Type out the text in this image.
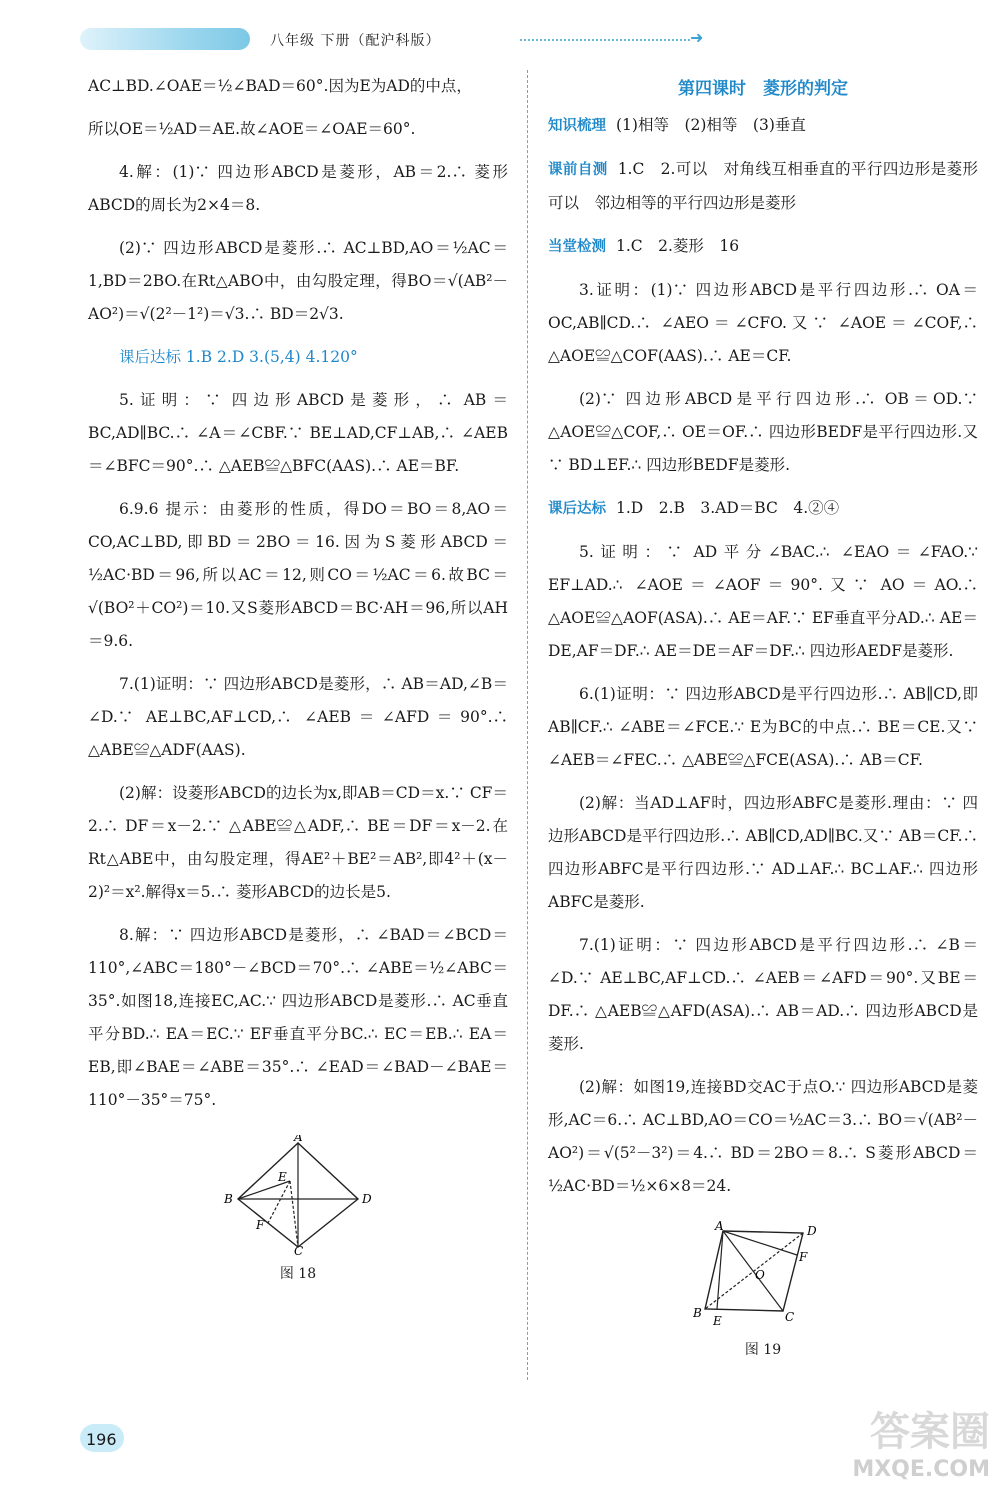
八年级 下册（配沪科版）	➜

AC⊥BD.∠OAE＝½∠BAD＝60°.因为E为AD的中点，

所以OE＝½AD＝AE.故∠AOE＝∠OAE＝60°.

4.解：(1)∵ 四边形ABCD是菱形，AB＝2.∴ 菱形ABCD的周长为2×4＝8.

(2)∵ 四边形ABCD是菱形.∴ AC⊥BD,AO＝½AC＝1,BD＝2BO.在Rt△ABO中，由勾股定理，得BO＝√(AB²－AO²)＝√(2²－1²)＝√3.∴ BD＝2√3.

课后达标 1.B 2.D 3.(5,4) 4.120°

5.证明：∵ 四边形ABCD是菱形，∴ AB＝BC,AD∥BC.∴ ∠A＝∠CBF.∵ BE⊥AD,CF⊥AB,∴ ∠AEB＝∠BFC＝90°.∴ △AEB≌△BFC(AAS).∴ AE＝BF.

6.9.6 提示：由菱形的性质，得DO＝BO＝8,AO＝CO,AC⊥BD,即BD＝2BO＝16.因为S菱形ABCD＝½AC·BD＝96,所以AC＝12,则CO＝½AC＝6.故BC＝√(BO²＋CO²)＝10.又S菱形ABCD＝BC·AH＝96,所以AH＝9.6.

7.(1)证明：∵ 四边形ABCD是菱形，∴ AB＝AD,∠B＝∠D.∵ AE⊥BC,AF⊥CD,∴ ∠AEB＝∠AFD＝90°.∴ △ABE≌△ADF(AAS).

(2)解：设菱形ABCD的边长为x,即AB＝CD＝x.∵ CF＝2.∴ DF＝x－2.∵ △ABE≌△ADF,∴ BE＝DF＝x－2.在Rt△ABE中，由勾股定理，得AE²＋BE²＝AB²,即4²＋(x－2)²＝x².解得x＝5.∴ 菱形ABCD的边长是5.

8.解：∵ 四边形ABCD是菱形，∴ ∠BAD＝∠BCD＝110°,∠ABC＝180°－∠BCD＝70°.∴ ∠ABE＝½∠ABC＝35°.如图18,连接EC,AC.∵ 四边形ABCD是菱形.∴ AC垂直平分BD.∴ EA＝EC.∵ EF垂直平分BC.∴ EC＝EB.∴ EA＝EB,即∠BAE＝∠ABE＝35°.∴ ∠EAD＝∠BAD－∠BAE＝110°－35°＝75°.

A
B
C
D
E
F
图 18
第四课时　菱形的判定

知识梳理 (1)相等　(2)相等　(3)垂直

课前自测 1.C　2.可以　对角线互相垂直的平行四边形是菱形　可以　邻边相等的平行四边形是菱形

当堂检测 1.C　2.菱形　16

3.证明：(1)∵ 四边形ABCD是平行四边形.∴ OA＝OC,AB∥CD.∴ ∠AEO＝∠CFO.又∵ ∠AOE＝∠COF,∴ △AOE≌△COF(AAS).∴ AE＝CF.

(2)∵ 四边形ABCD是平行四边形.∴ OB＝OD.∵ △AOE≌△COF,∴ OE＝OF.∴ 四边形BEDF是平行四边形.又∵ BD⊥EF.∴ 四边形BEDF是菱形.

课后达标 1.D　2.B　3.AD＝BC　4.②④

5.证明：∵ AD平分∠BAC.∴ ∠EAO＝∠FAO.∵ EF⊥AD.∴ ∠AOE＝∠AOF＝90°.又∵ AO＝AO.∴ △AOE≌△AOF(ASA).∴ AE＝AF.∵ EF垂直平分AD.∴ AE＝DE,AF＝DF.∴ AE＝DE＝AF＝DF.∴ 四边形AEDF是菱形.

6.(1)证明：∵ 四边形ABCD是平行四边形.∴ AB∥CD,即AB∥CF.∴ ∠ABE＝∠FCE.∵ E为BC的中点.∴ BE＝CE.又∵ ∠AEB＝∠FEC.∴ △ABE≌△FCE(ASA).∴ AB＝CF.

(2)解：当AD⊥AF时，四边形ABFC是菱形.理由：∵ 四边形ABCD是平行四边形.∴ AB∥CD,AD∥BC.又∵ AB＝CF.∴ 四边形ABFC是平行四边形.∵ AD⊥AF.∴ BC⊥AF.∴ 四边形ABFC是菱形.

7.(1)证明：∵ 四边形ABCD是平行四边形.∴ ∠B＝∠D.∵ AE⊥BC,AF⊥CD.∴ ∠AEB＝∠AFD＝90°.又BE＝DF.∴ △AEB≌△AFD(ASA).∴ AB＝AD.∴ 四边形ABCD是菱形.

(2)解：如图19,连接BD交AC于点O.∵ 四边形ABCD是菱形,AC＝6.∴ AC⊥BD,AO＝CO＝½AC＝3.∴ BO＝√(AB²－AO²)＝√(5²－3²)＝4.∴ BD＝2BO＝8.∴ S菱形ABCD＝½AC·BD＝½×6×8＝24.

A
B	C
D
E
F
O
图 19
196	答案圈
MXQE.COM
